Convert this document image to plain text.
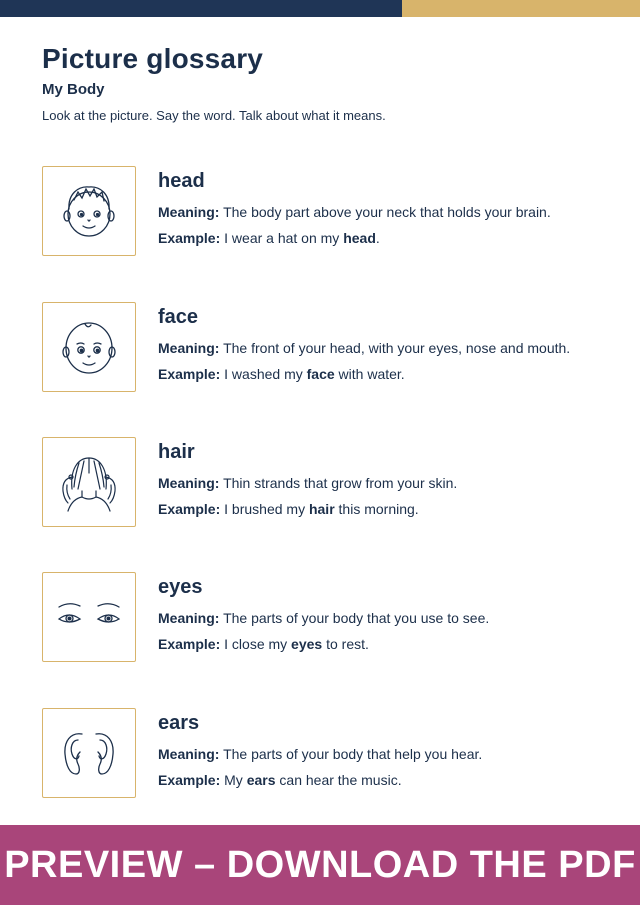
Picture glossary
My Body

Look at the picture. Say the word. Talk about what it means.

head

Meaning: The body part above your neck that holds your brain.

Example: I wear a hat on my head.

face

Meaning: The front of your head, with your eyes, nose and mouth.

Example: I washed my face with water.

hair

Meaning: Thin strands that grow from your skin.

Example: I brushed my hair this morning.

eyes

Meaning: The parts of your body that you use to see.

Example: I close my eyes to rest.

ears

Meaning: The parts of your body that help you hear.

Example: My ears can hear the music.

PREVIEW – DOWNLOAD THE PDF
